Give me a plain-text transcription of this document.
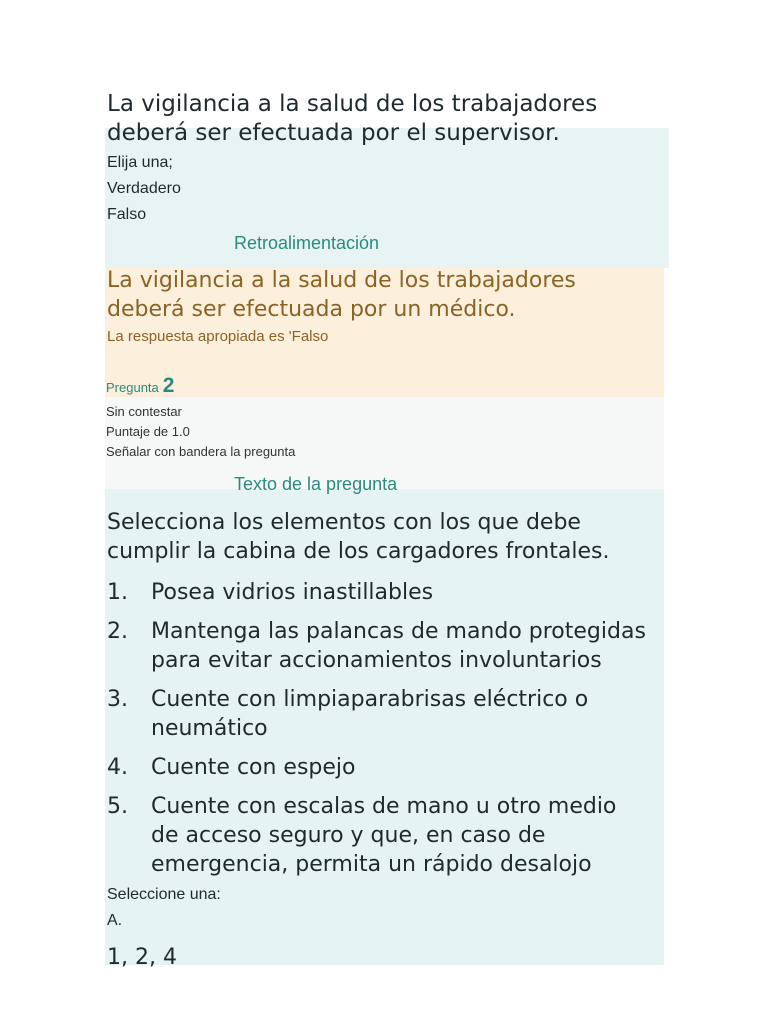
La vigilancia a la salud de los trabajadores
deberá ser efectuada por el supervisor.
Elija una;
Verdadero
Falso
Retroalimentación
La vigilancia a la salud de los trabajadores
deberá ser efectuada por un médico.
La respuesta apropiada es 'Falso
Pregunta 2
Sin contestar
Puntaje de 1.0
Señalar con bandera la pregunta
Texto de la pregunta
Selecciona los elementos con los que debe
cumplir la cabina de los cargadores frontales.
1. Posea vidrios inastillables
2. Mantenga las palancas de mando protegidas
para evitar accionamientos involuntarios
3. Cuente con limpiaparabrisas eléctrico o
neumático
4. Cuente con espejo
5. Cuente con escalas de mano u otro medio
de acceso seguro y que, en caso de
emergencia, permita un rápido desalojo
Seleccione una:
A.
1, 2, 4
